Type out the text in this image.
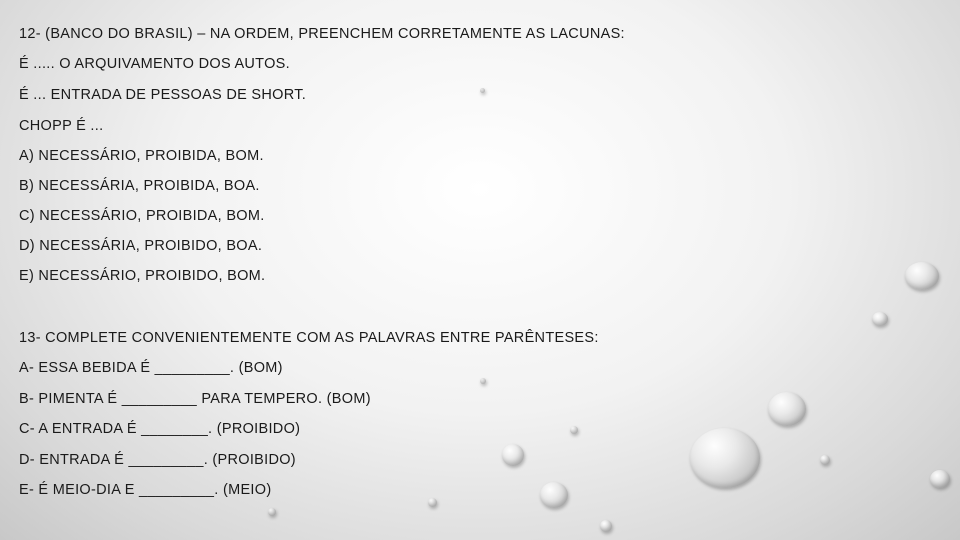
12- (BANCO DO BRASIL) – NA ORDEM, PREENCHEM CORRETAMENTE AS LACUNAS:
É ..... O ARQUIVAMENTO DOS AUTOS.
É ... ENTRADA DE PESSOAS DE SHORT.
CHOPP É ...
A) NECESSÁRIO, PROIBIDA, BOM.
B) NECESSÁRIA, PROIBIDA, BOA.
C) NECESSÁRIO, PROIBIDA, BOM.
D) NECESSÁRIA, PROIBIDO, BOA.
E) NECESSÁRIO, PROIBIDO, BOM.
13- COMPLETE CONVENIENTEMENTE COM AS PALAVRAS ENTRE PARÊNTESES:
A- ESSA BEBIDA É _________. (BOM)
B- PIMENTA É _________ PARA TEMPERO. (BOM)
C- A ENTRADA É ________. (PROIBIDO)
D- ENTRADA É _________. (PROIBIDO)
E- É MEIO-DIA E _________. (MEIO)
